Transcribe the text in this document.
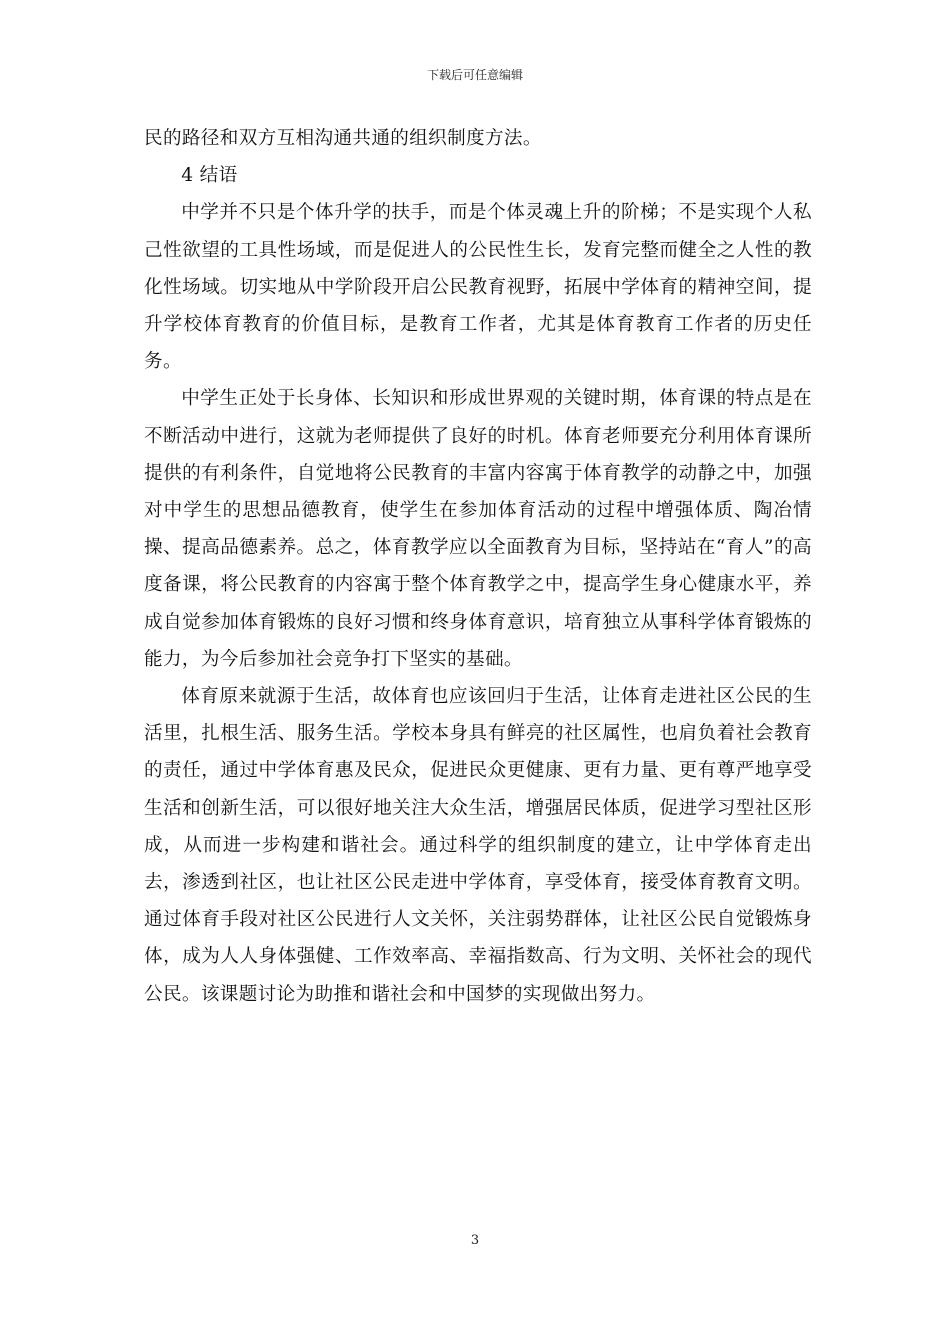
下载后可任意编辑

民的路径和双方互相沟通共通的组织制度方法。

4 结语

中学并不只是个体升学的扶手，而是个体灵魂上升的阶梯；不是实现个人私己性欲望的工具性场域，而是促进人的公民性生长，发育完整而健全之人性的教化性场域。切实地从中学阶段开启公民教育视野，拓展中学体育的精神空间，提升学校体育教育的价值目标，是教育工作者，尤其是体育教育工作者的历史任务。

中学生正处于长身体、长知识和形成世界观的关键时期，体育课的特点是在不断活动中进行，这就为老师提供了良好的时机。体育老师要充分利用体育课所提供的有利条件，自觉地将公民教育的丰富内容寓于体育教学的动静之中，加强对中学生的思想品德教育，使学生在参加体育活动的过程中增强体质、陶冶情操、提高品德素养。总之，体育教学应以全面教育为目标，坚持站在“育人”的高度备课，将公民教育的内容寓于整个体育教学之中，提高学生身心健康水平，养成自觉参加体育锻炼的良好习惯和终身体育意识，培育独立从事科学体育锻炼的能力，为今后参加社会竞争打下坚实的基础。

体育原来就源于生活，故体育也应该回归于生活，让体育走进社区公民的生活里，扎根生活、服务生活。学校本身具有鲜亮的社区属性，也肩负着社会教育的责任，通过中学体育惠及民众，促进民众更健康、更有力量、更有尊严地享受生活和创新生活，可以很好地关注大众生活，增强居民体质，促进学习型社区形成，从而进一步构建和谐社会。通过科学的组织制度的建立，让中学体育走出去，渗透到社区，也让社区公民走进中学体育，享受体育，接受体育教育文明。通过体育手段对社区公民进行人文关怀，关注弱势群体，让社区公民自觉锻炼身体，成为人人身体强健、工作效率高、幸福指数高、行为文明、关怀社会的现代公民。该课题讨论为助推和谐社会和中国梦的实现做出努力。

3
